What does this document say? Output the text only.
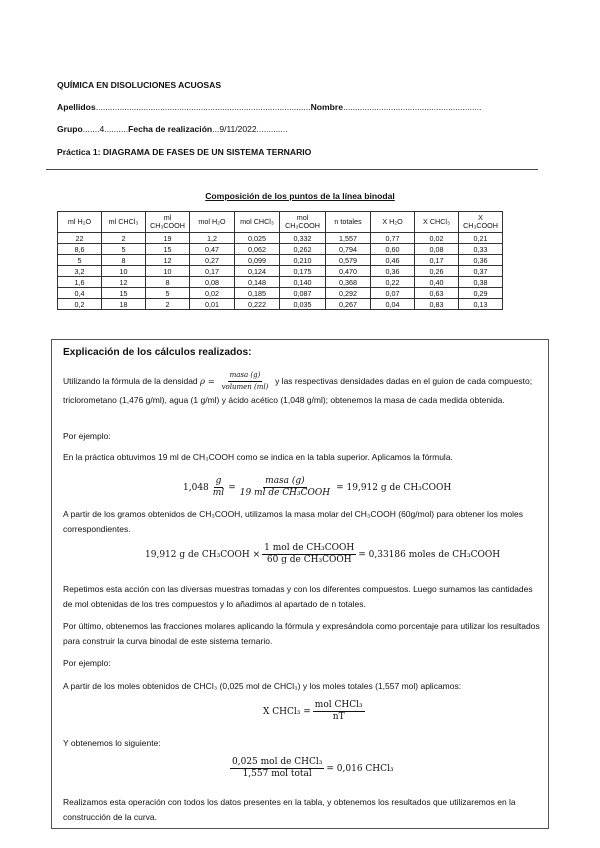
QUÍMICA EN DISOLUCIONES ACUOSAS
Apellidos..........................................................................................Nombre..........................................................
Grupo.......4..........Fecha de realización...9/11/2022.............
Práctica 1: DIAGRAMA DE FASES DE UN SISTEMA TERNARIO
Composición de los puntos de la línea binodal
ml H₂O	ml CHCl₃	ml CH₃COOH	mol H₂O	mol CHCl₃	mol CH₃COOH	n totales	X H₂O	X CHCl₃	X CH₃COOH
22	2	19	1,2	0,025	0,332	1,557	0,77	0,02	0,21
8,6	5	15	0,47	0,062	0,262	0,794	0,60	0,08	0,33
5	8	12	0,27	0,099	0,210	0,579	0,46	0,17	0,36
3,2	10	10	0,17	0,124	0,175	0,470	0,36	0,26	0,37
1,6	12	8	0,08	0,148	0,140	0,368	0,22	0,40	0,38
0,4	15	5	0,02	0,185	0,087	0,292	0,07	0,63	0,29
0,2	18	2	0,01	0,222	0,035	0,267	0,04	0,83	0,13
Explicación de los cálculos realizados:
Utilizando la fórmula de la densidad $\rho = \frac{\text{masa (g)}}{\text{volumen (ml)}}$ y las respectivas densidades dadas en el guion de cada compuesto; triclorometano (1,476 g/ml), agua (1 g/ml) y ácido acético (1,048 g/ml); obtenemos la masa de cada medida obtenida.
Por ejemplo:
En la práctica obtuvimos 19 ml de CH₃COOH como se indica en la tabla superior. Aplicamos la fórmula.
$1,048 \frac{g}{ml} = \frac{\text{masa (g)}}{\text{19 ml de CH₃COOH}} = 19,912$ g de CH₃COOH
A partir de los gramos obtenidos de CH₃COOH, utilizamos la masa molar del CH₃COOH (60g/mol) para obtener los moles correspondientes.
19,912 g de CH₃COOH × $\frac{\text{1 mol de CH₃COOH}}{\text{60 g de CH₃COOH}} = 0,33186$ moles de CH₃COOH
Repetimos esta acción con las diversas muestras tomadas y con los diferentes compuestos. Luego sumamos las cantidades de mol obtenidas de los tres compuestos y lo añadimos al apartado de n totales.
Por último, obtenemos las fracciones molares aplicando la fórmula y expresándola como porcentaje para utilizar los resultados para construir la curva binodal de este sistema ternario.
Por ejemplo:
A partir de los moles obtenidos de CHCl₃ (0,025 mol de CHCl₃) y los moles totales (1,557 mol) aplicamos:
X CHCl₃ = $\frac{\text{mol CHCl₃}}{nT}$
Y obtenemos lo siguiente:
$\frac{\text{0,025 mol de CHCl₃}}{\text{1,557 mol total}} = 0,016$ CHCl₃
Realizamos esta operación con todos los datos presentes en la tabla, y obtenemos los resultados que utilizaremos en la construcción de la curva.
